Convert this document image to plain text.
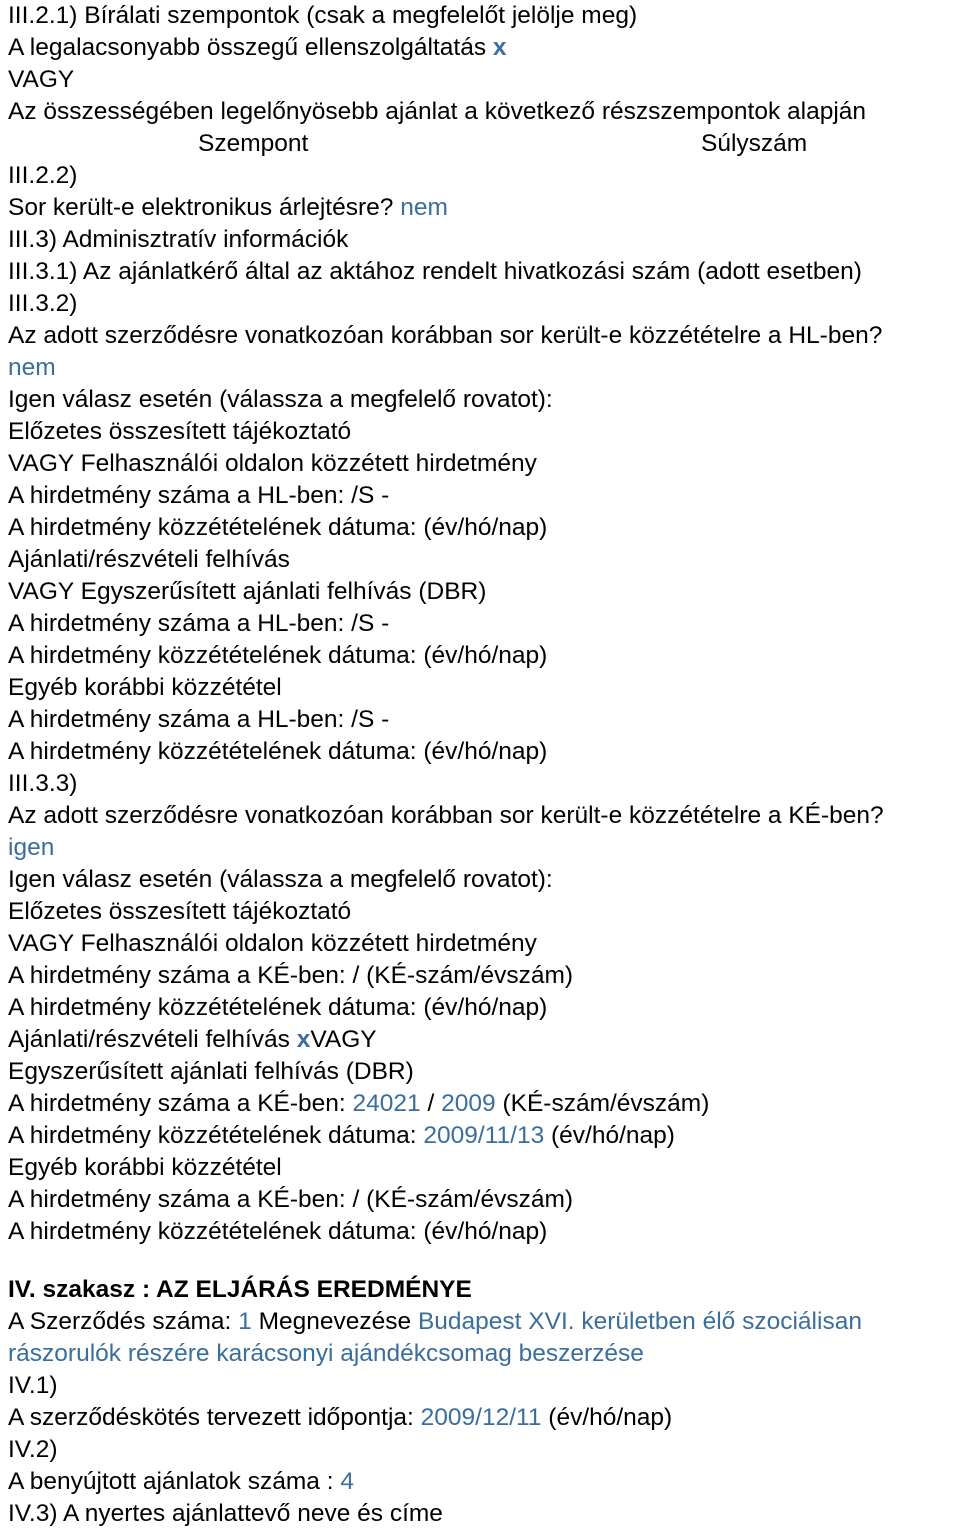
III.2.1) Bírálati szempontok (csak a megfelelőt jelölje meg)
A legalacsonyabb összegű ellenszolgáltatás x
VAGY
Az összességében legelőnyösebb ajánlat a következő részszempontok alapján
Szempont	Súlyszám
III.2.2)
Sor került-e elektronikus árlejtésre? nem
III.3) Adminisztratív információk
III.3.1) Az ajánlatkérő által az aktához rendelt hivatkozási szám (adott esetben)
III.3.2)
Az adott szerződésre vonatkozóan korábban sor került-e közzétételre a HL-ben?
nem
Igen válasz esetén (válassza a megfelelő rovatot):
Előzetes összesített tájékoztató
VAGY Felhasználói oldalon közzétett hirdetmény
A hirdetmény száma a HL-ben: /S -
A hirdetmény közzétételének dátuma: (év/hó/nap)
Ajánlati/részvételi felhívás
VAGY Egyszerűsített ajánlati felhívás (DBR)
A hirdetmény száma a HL-ben: /S -
A hirdetmény közzétételének dátuma: (év/hó/nap)
Egyéb korábbi közzététel
A hirdetmény száma a HL-ben: /S -
A hirdetmény közzétételének dátuma: (év/hó/nap)
III.3.3)
Az adott szerződésre vonatkozóan korábban sor került-e közzétételre a KÉ-ben?
igen
Igen válasz esetén (válassza a megfelelő rovatot):
Előzetes összesített tájékoztató
VAGY Felhasználói oldalon közzétett hirdetmény
A hirdetmény száma a KÉ-ben: / (KÉ-szám/évszám)
A hirdetmény közzétételének dátuma: (év/hó/nap)
Ajánlati/részvételi felhívás xVAGY
Egyszerűsített ajánlati felhívás (DBR)
A hirdetmény száma a KÉ-ben: 24021 / 2009 (KÉ-szám/évszám)
A hirdetmény közzétételének dátuma: 2009/11/13 (év/hó/nap)
Egyéb korábbi közzététel
A hirdetmény száma a KÉ-ben: / (KÉ-szám/évszám)
A hirdetmény közzétételének dátuma: (év/hó/nap)
IV. szakasz : AZ ELJÁRÁS EREDMÉNYE
A Szerződés száma: 1 Megnevezése Budapest XVI. kerületben élő szociálisan rászorulók részére karácsonyi ajándékcsomag beszerzése
IV.1)
A szerződéskötés tervezett időpontja: 2009/12/11 (év/hó/nap)
IV.2)
A benyújtott ajánlatok száma : 4
IV.3) A nyertes ajánlattevő neve és címe
